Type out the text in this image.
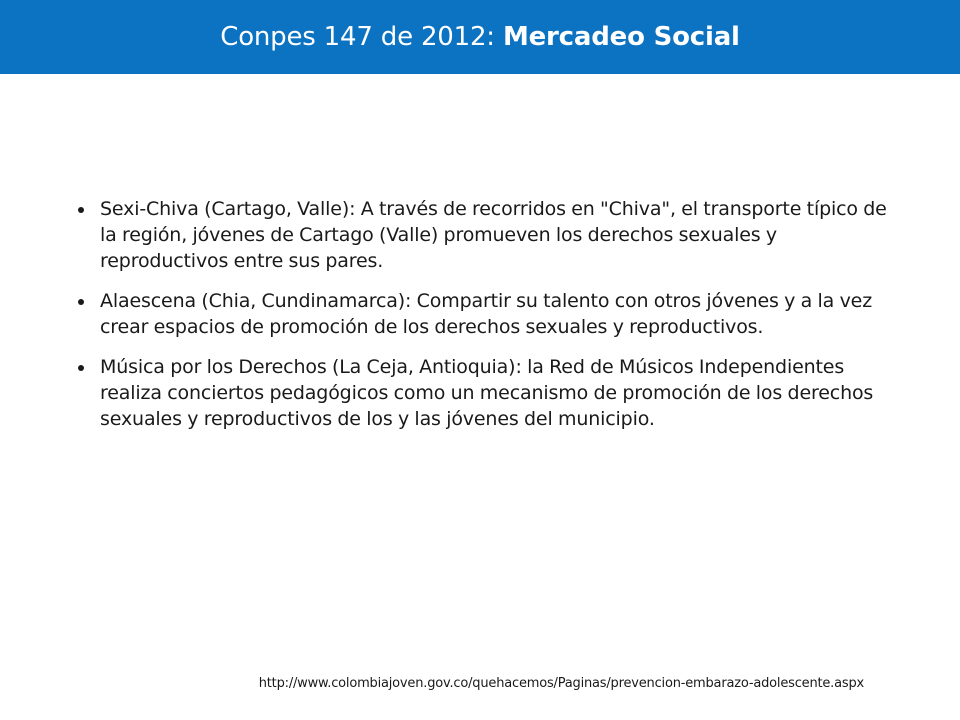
Conpes 147 de 2012: Mercadeo Social
Sexi-Chiva (Cartago, Valle): A través de recorridos en "Chiva", el transporte típico de la región, jóvenes de Cartago (Valle) promueven los derechos sexuales y reproductivos entre sus pares.
Alaescena (Chia, Cundinamarca): Compartir su talento con otros jóvenes y a la vez crear espacios de promoción de los derechos sexuales y reproductivos.
Música por los Derechos (La Ceja, Antioquia): la Red de Músicos Independientes realiza conciertos pedagógicos como un mecanismo de promoción de los derechos sexuales y reproductivos de los y las jóvenes del municipio.
http://www.colombiajoven.gov.co/quehacemos/Paginas/prevencion-embarazo-adolescente.aspx
